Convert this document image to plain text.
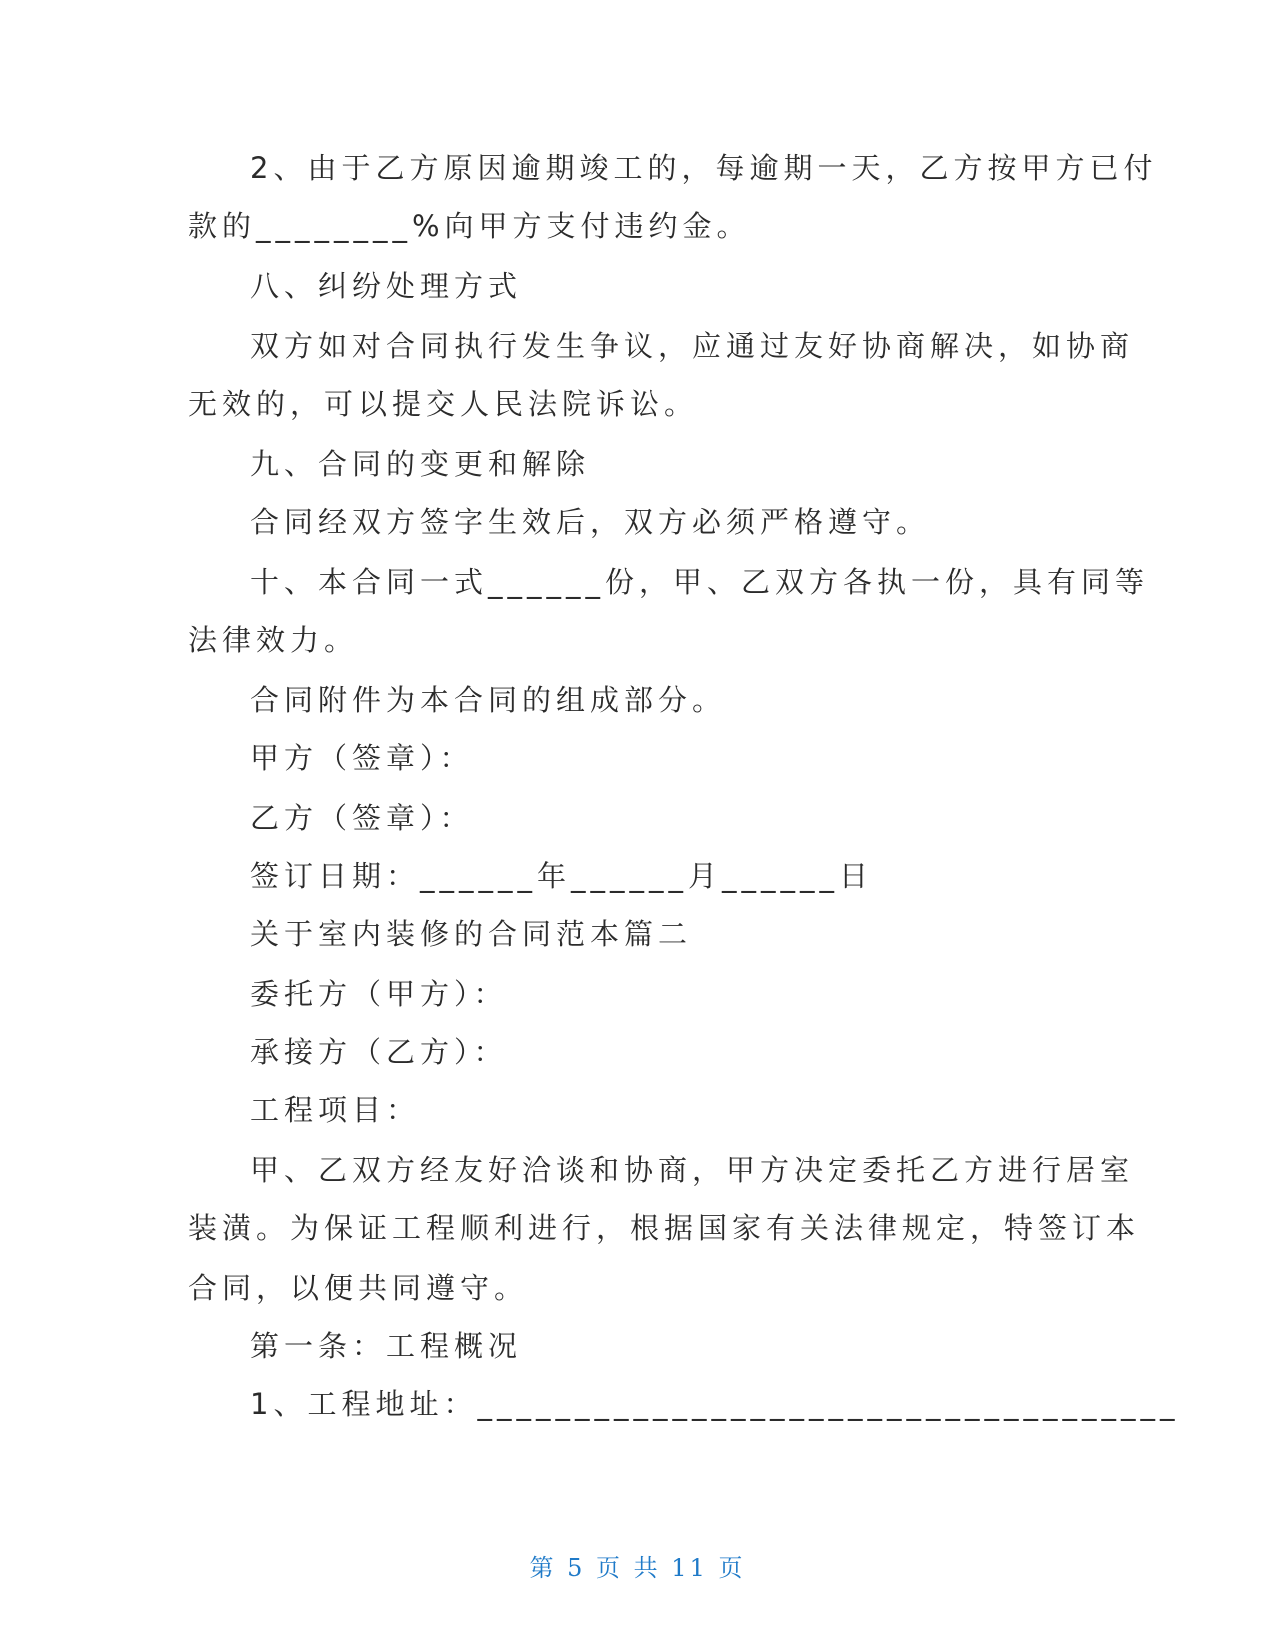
2、由于乙方原因逾期竣工的，每逾期一天，乙方按甲方已付
款的________%向甲方支付违约金。
八、纠纷处理方式
双方如对合同执行发生争议，应通过友好协商解决，如协商
无效的，可以提交人民法院诉讼。
九、合同的变更和解除
合同经双方签字生效后，双方必须严格遵守。
十、本合同一式______份，甲、乙双方各执一份，具有同等
法律效力。
合同附件为本合同的组成部分。
甲方（签章）：
乙方（签章）：
签订日期：______年______月______日
关于室内装修的合同范本篇二
委托方（甲方）：
承接方（乙方）：
工程项目：
甲、乙双方经友好洽谈和协商，甲方决定委托乙方进行居室
装潢。为保证工程顺利进行，根据国家有关法律规定，特签订本
合同，以便共同遵守。
第一条：工程概况
1、工程地址：____________________________________
第 5 页 共 11 页
